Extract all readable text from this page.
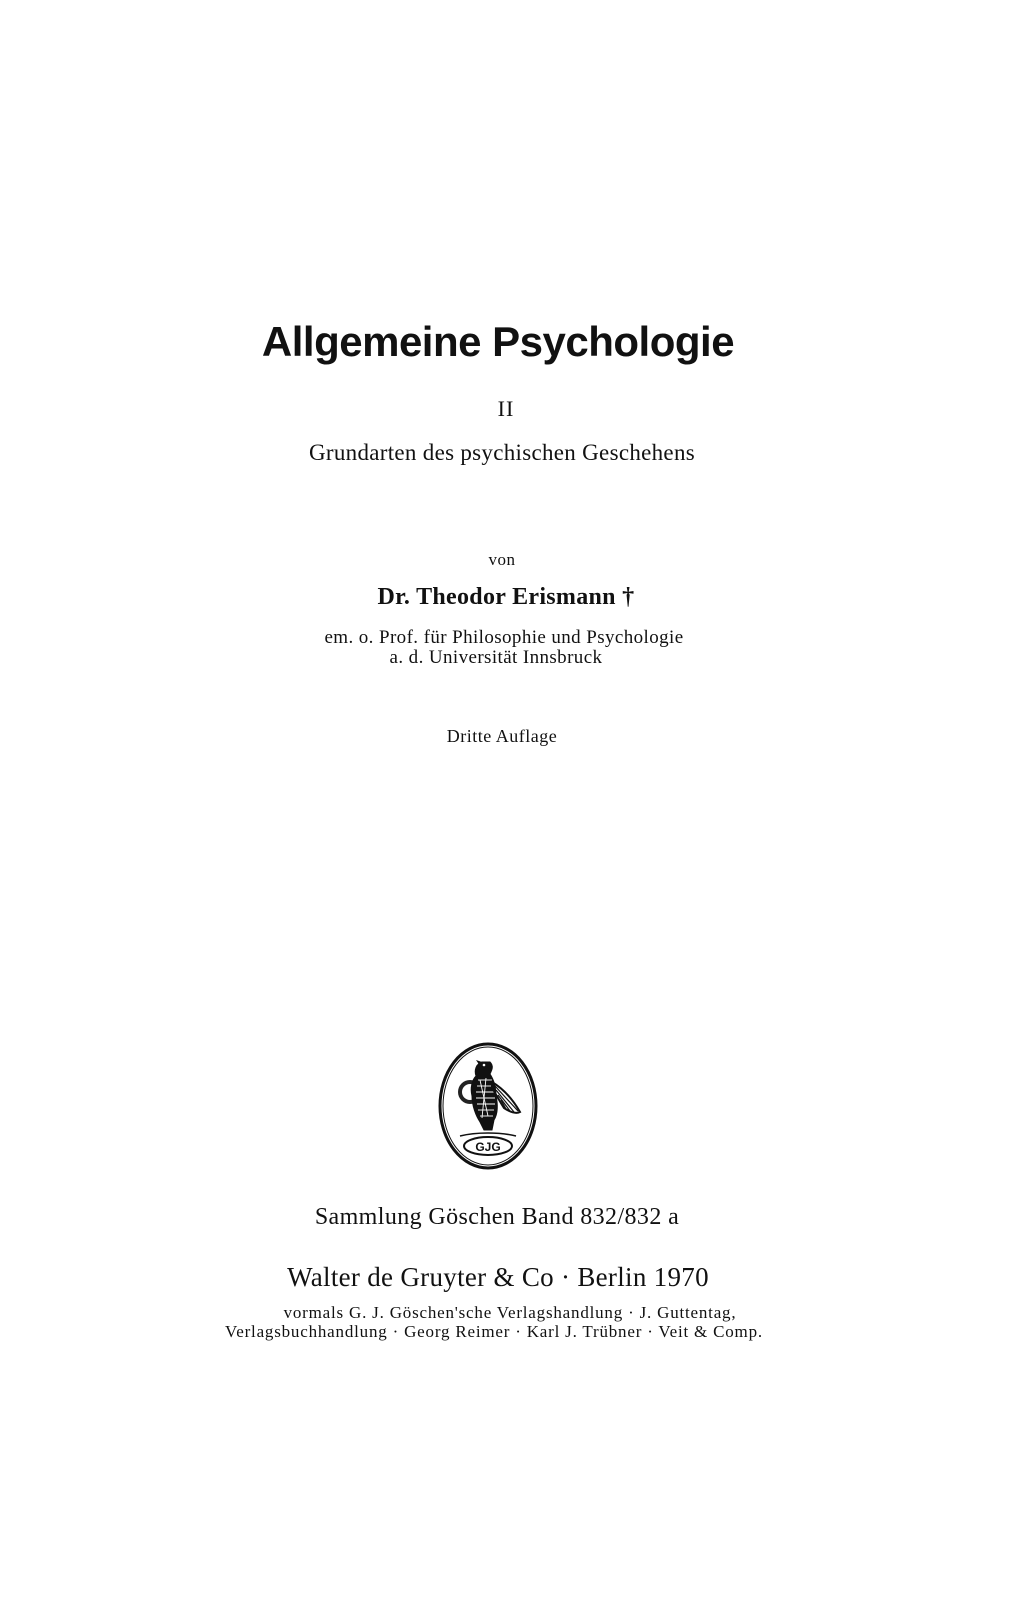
Allgemeine Psychologie
II
Grundarten des psychischen Geschehens
von
Dr. Theodor Erismann †
em. o. Prof. für Philosophie und Psychologie
a. d. Universität Innsbruck
Dritte Auflage
GJG
Sammlung Göschen Band 832/832 a
Walter de Gruyter & Co · Berlin 1970
vormals G. J. Göschen'sche Verlagshandlung · J. Guttentag,
Verlagsbuchhandlung · Georg Reimer · Karl J. Trübner · Veit & Comp.
